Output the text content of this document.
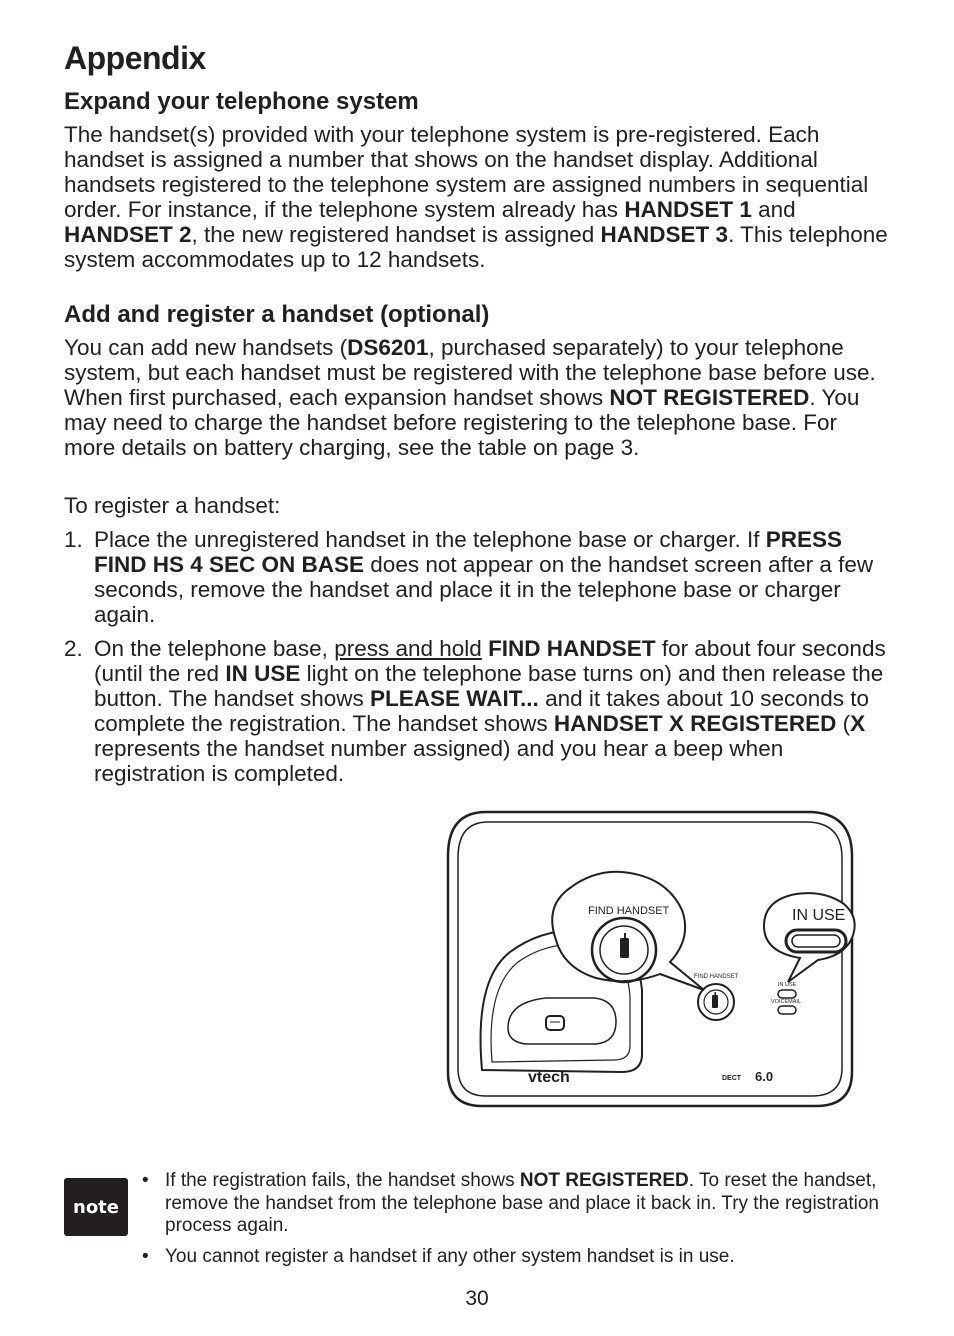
Appendix
Expand your telephone system

The handset(s) provided with your telephone system is pre-registered. Each handset is assigned a number that shows on the handset display. Additional handsets registered to the telephone system are assigned numbers in sequential order. For instance, if the telephone system already has HANDSET 1 and HANDSET 2, the new registered handset is assigned HANDSET 3. This telephone system accommodates up to 12 handsets.

Add and register a handset (optional)

You can add new handsets (DS6201, purchased separately) to your telephone system, but each handset must be registered with the telephone base before use. When first purchased, each expansion handset shows NOT REGISTERED. You may need to charge the handset before registering to the telephone base. For more details on battery charging, see the table on page 3.

To register a handset:

1. Place the unregistered handset in the telephone base or charger. If PRESS FIND HS 4 SEC ON BASE does not appear on the handset screen after a few seconds, remove the handset and place it in the telephone base or charger again.
2. On the telephone base, press and hold FIND HANDSET for about four seconds (until the red IN USE light on the telephone base turns on) and then release the button. The handset shows PLEASE WAIT... and it takes about 10 seconds to complete the registration. The handset shows HANDSET X REGISTERED (X represents the handset number assigned) and you hear a beep when registration is completed.
FIND HANDSET	IN USE
FIND HANDSET
IN USE
VOICEMAIL
vtech	DECT 6.0
note
• If the registration fails, the handset shows NOT REGISTERED. To reset the handset, remove the handset from the telephone base and place it back in. Try the registration process again.
• You cannot register a handset if any other system handset is in use.
30
